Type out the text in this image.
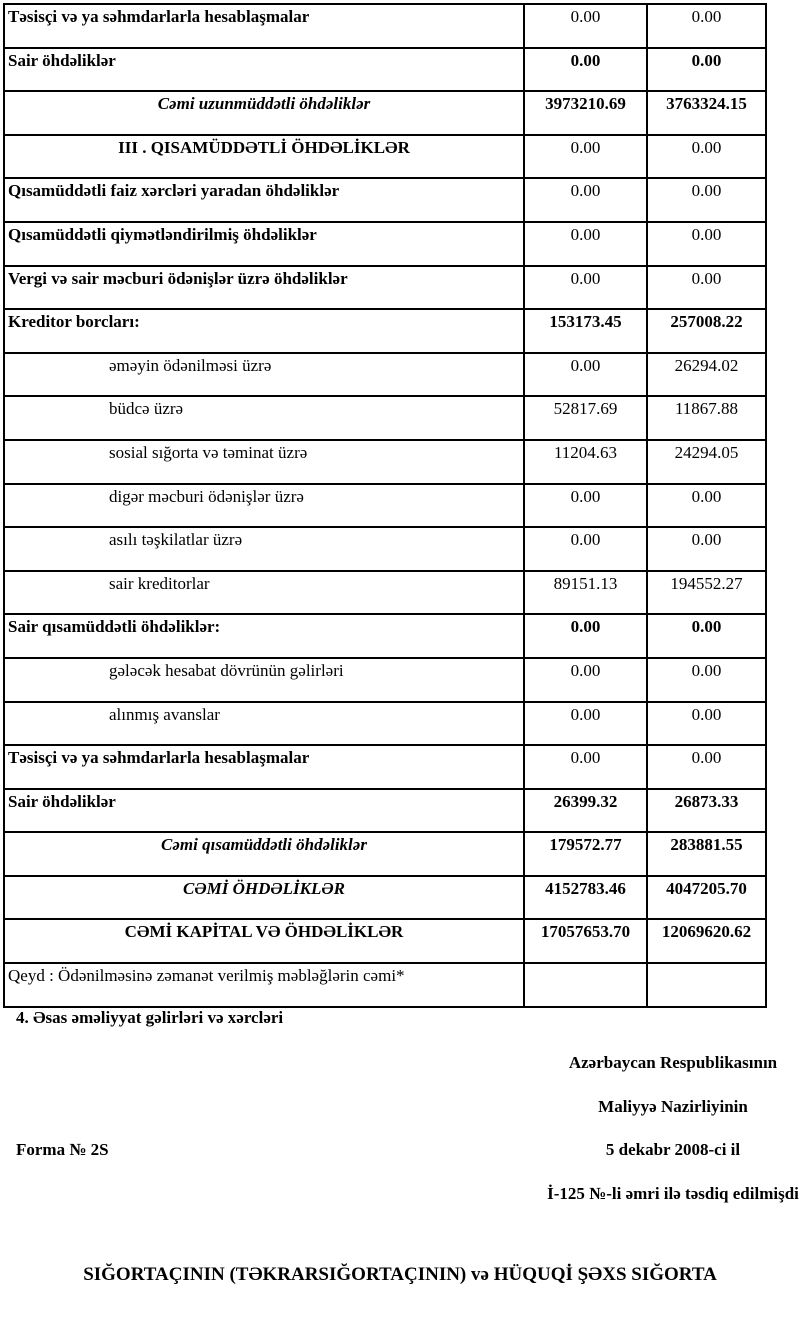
Təsisçi və ya səhmdarlarla hesablaşmalar	0.00	0.00
Sair öhdəliklər	0.00	0.00
Cəmi uzunmüddətli öhdəliklər	3973210.69	3763324.15
III . QISAMÜDDƏTLİ ÖHDƏLİKLƏR	0.00	0.00
Qısamüddətli faiz xərcləri yaradan öhdəliklər	0.00	0.00
Qısamüddətli qiymətləndirilmiş öhdəliklər	0.00	0.00
Vergi və sair məcburi ödənişlər üzrə öhdəliklər	0.00	0.00
Kreditor borcları:	153173.45	257008.22
əməyin ödənilməsi üzrə	0.00	26294.02
büdcə üzrə	52817.69	11867.88
sosial sığorta və təminat üzrə	11204.63	24294.05
digər məcburi ödənişlər üzrə	0.00	0.00
asılı təşkilatlar üzrə	0.00	0.00
sair kreditorlar	89151.13	194552.27
Sair qısamüddətli öhdəliklər:	0.00	0.00
gələcək hesabat dövrünün gəlirləri	0.00	0.00
alınmış avanslar	0.00	0.00
Təsisçi və ya səhmdarlarla hesablaşmalar	0.00	0.00
Sair öhdəliklər	26399.32	26873.33
Cəmi qısamüddətli öhdəliklər	179572.77	283881.55
CƏMİ ÖHDƏLİKLƏR	4152783.46	4047205.70
CƏMİ KAPİTAL VƏ ÖHDƏLİKLƏR	17057653.70	12069620.62
Qeyd : Ödənilməsinə zəmanət verilmiş məbləğlərin cəmi*		
4. Əsas əməliyyat gəlirləri və xərcləri
Azərbaycan Respublikasının
Maliyyə Nazirliyinin
Forma № 2S	5 dekabr 2008-ci il
İ-125 №-li əmri ilə təsdiq edilmişdi
SIĞORTAÇININ (TƏKRARSIĞORTAÇININ) və HÜQUQİ ŞƏXS SIĞORTA
